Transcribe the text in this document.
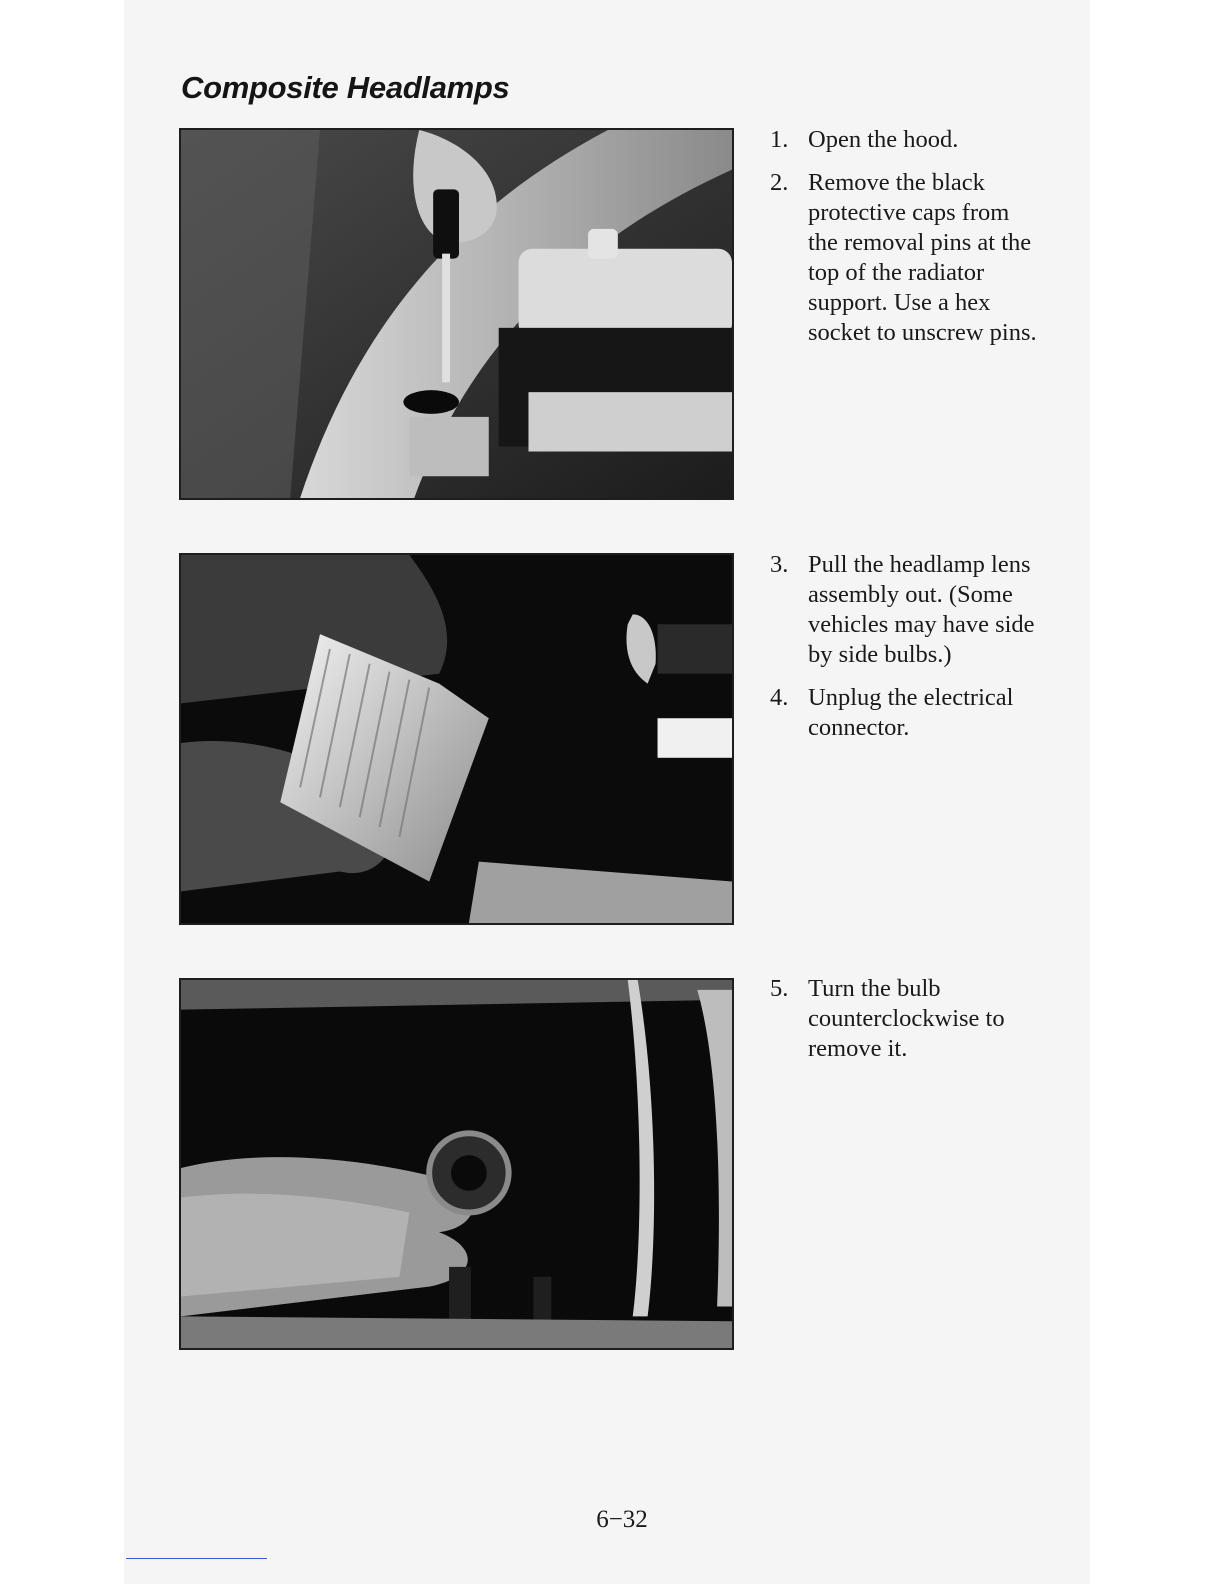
Composite Headlamps
1. Open the hood.
2. Remove the black protective caps from the removal pins at the top of the radiator support. Use a hex socket to unscrew pins.
3. Pull the headlamp lens assembly out. (Some vehicles may have side by side bulbs.)
4. Unplug the electrical connector.
5. Turn the bulb counterclockwise to remove it.
6−32
